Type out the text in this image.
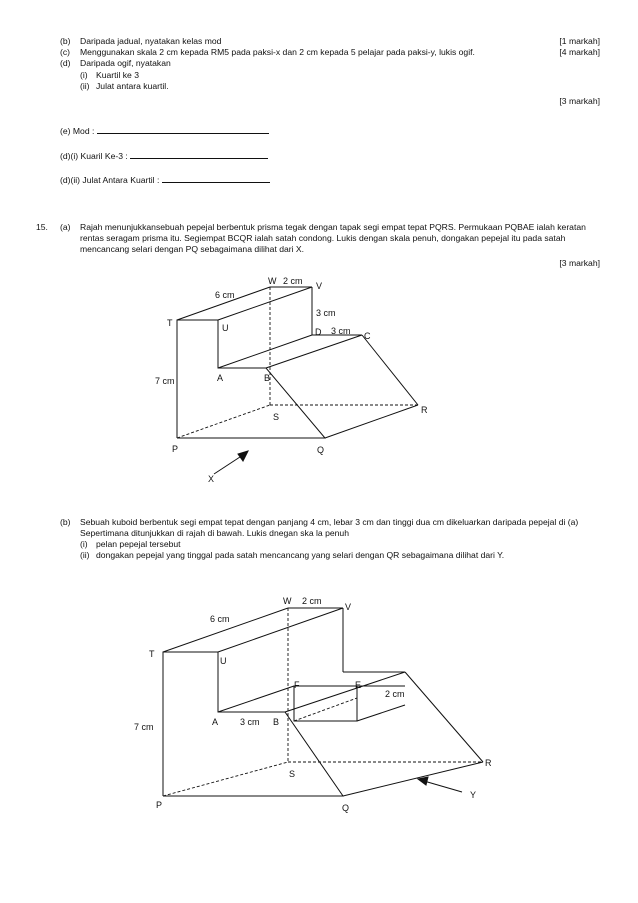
(b) Daripada jadual, nyatakan kelas mod	[1 markah]
(c) Menggunakan skala 2 cm kepada RM5 pada paksi-x dan 2 cm kepada 5 pelajar pada paksi-y, lukis ogif.	[4 markah]
(d) Daripada ogif, nyatakan
(i) Kuartil ke 3
(ii) Julat antara kuartil.
[3 markah]
(e) Mod :
(d)(i) Kuaril Ke-3 :
(d)(ii) Julat Antara Kuartil :
15. (a) Rajah menunjukkansebuah pepejal berbentuk prisma tegak dengan tapak segi empat tepat PQRS. Permukaan PQBAE ialah keratan
rentas seragam prisma itu. Segiempat BCQR ialah satah condong. Lukis dengan skala penuh, dongakan pepejal itu pada satah
mencancang selari dengan PQ sebagaimana dilihat dari X.
[3 markah]
W 2 cm V
6 cm
T	U
3 cm
D 3 cm C
7 cm	A	B
S
R
P	Q
X
(b) Sebuah kuboid berbentuk segi empat tepat dengan panjang 4 cm, lebar 3 cm dan tinggi dua cm dikeluarkan daripada pepejal di (a)
Sepertimana ditunjukkan di rajah di bawah. Lukis dnegan ska la penuh
(i) pelan pepejal tersebut
(ii) dongakan pepejal yang tinggal pada satah mencancang yang selari dengan QR sebagaimana dilihat dari Y.
W 2 cm
V
6 cm
T
U
F	E
2 cm
7 cm	A 3 cm B
S
R
P	Q
Y
